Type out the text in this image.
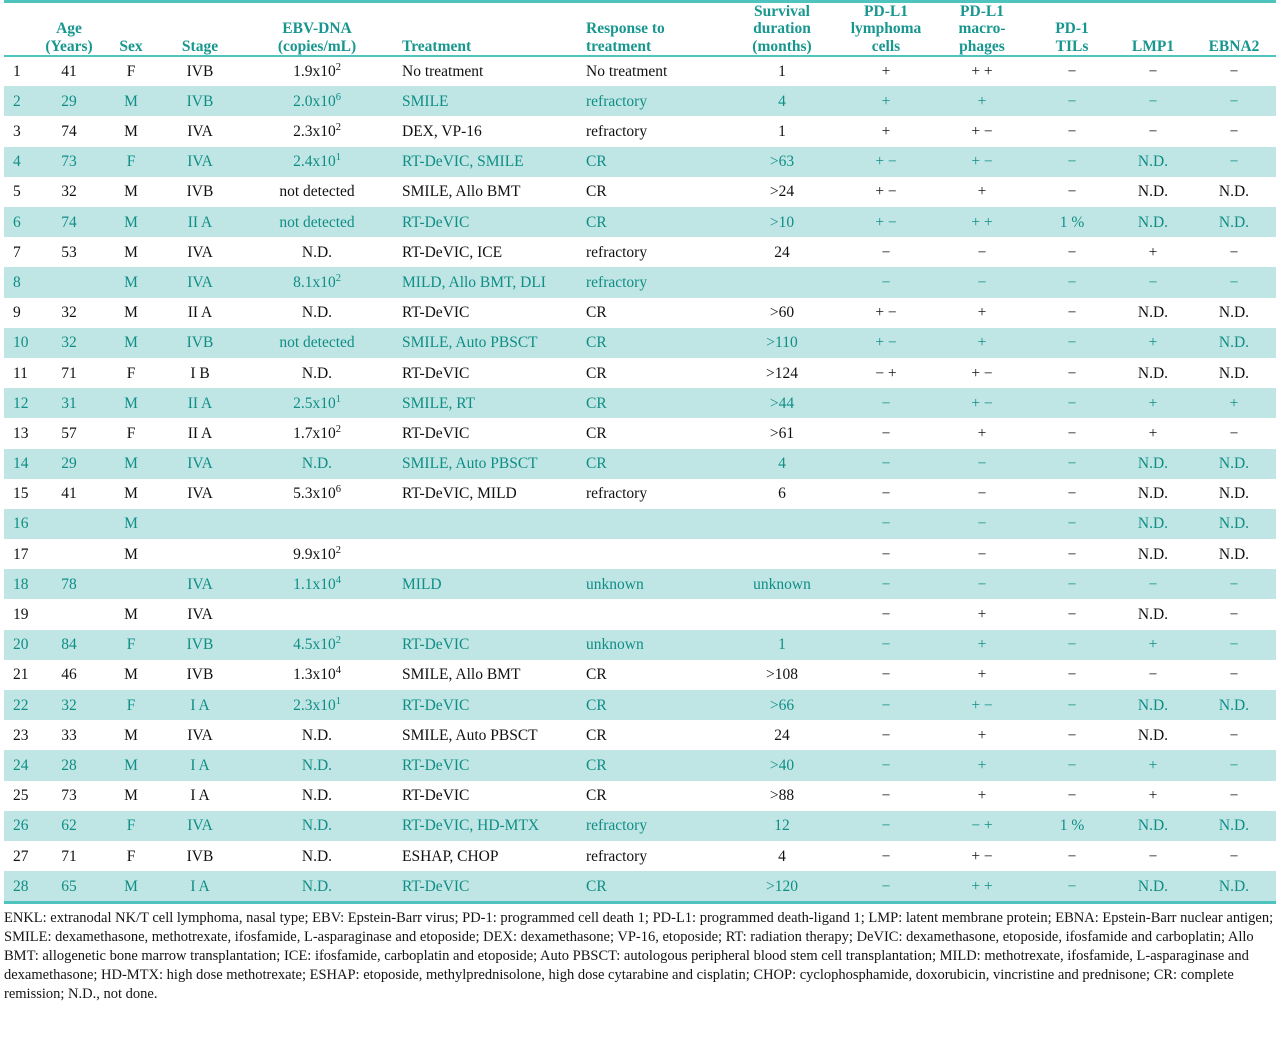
	Age
(Years)	Sex	Stage	EBV-DNA
(copies/mL)	Treatment	Response to
treatment	Survival
duration
(months)	PD-L1
lymphoma
cells	PD-L1
macro-
phages	PD-1
TILs	LMP1	EBNA2

1	41	F	IVB	$1.9x10^2$	No treatment	No treatment	1	+	+ +	−	−	−
2	29	M	IVB	$2.0x10^6$	SMILE	refractory	4	+	+	−	−	−
3	74	M	IVA	$2.3x10^2$	DEX, VP-16	refractory	1	+	+ −	−	−	−
4	73	F	IVA	$2.4x10^1$	RT-DeVIC, SMILE	CR	>63	+ −	+ −	−	N.D.	−
5	32	M	IVB	not detected	SMILE, Allo BMT	CR	>24	+ −	+	−	N.D.	N.D.
6	74	M	II A	not detected	RT-DeVIC	CR	>10	+ −	+ +	1 %	N.D.	N.D.
7	53	M	IVA	N.D.	RT-DeVIC, ICE	refractory	24	−	−	−	+	−
8		M	IVA	$8.1x10^2$	MILD, Allo BMT, DLI	refractory		−	−	−	−	−
9	32	M	II A	N.D.	RT-DeVIC	CR	>60	+ −	+	−	N.D.	N.D.
10	32	M	IVB	not detected	SMILE, Auto PBSCT	CR	>110	+ −	+	−	+	N.D.
11	71	F	I B	N.D.	RT-DeVIC	CR	>124	− +	+ −	−	N.D.	N.D.
12	31	M	II A	$2.5x10^1$	SMILE, RT	CR	>44	−	+ −	−	+	+
13	57	F	II A	$1.7x10^2$	RT-DeVIC	CR	>61	−	+	−	+	−
14	29	M	IVA	N.D.	SMILE, Auto PBSCT	CR	4	−	−	−	N.D.	N.D.
15	41	M	IVA	$5.3x10^6$	RT-DeVIC, MILD	refractory	6	−	−	−	N.D.	N.D.
16		M						−	−	−	N.D.	N.D.
17		M		$9.9x10^2$				−	−	−	N.D.	N.D.
18	78		IVA	$1.1x10^4$	MILD	unknown	unknown	−	−	−	−	−
19		M	IVA					−	+	−	N.D.	−
20	84	F	IVB	$4.5x10^2$	RT-DeVIC	unknown	1	−	+	−	+	−
21	46	M	IVB	$1.3x10^4$	SMILE, Allo BMT	CR	>108	−	+	−	−	−
22	32	F	I A	$2.3x10^1$	RT-DeVIC	CR	>66	−	+ −	−	N.D.	N.D.
23	33	M	IVA	N.D.	SMILE, Auto PBSCT	CR	24	−	+	−	N.D.	−
24	28	M	I A	N.D.	RT-DeVIC	CR	>40	−	+	−	+	−
25	73	M	I A	N.D.	RT-DeVIC	CR	>88	−	+	−	+	−
26	62	F	IVA	N.D.	RT-DeVIC, HD-MTX	refractory	12	−	− +	1 %	N.D.	N.D.
27	71	F	IVB	N.D.	ESHAP, CHOP	refractory	4	−	+ −	−	−	−
28	65	M	I A	N.D.	RT-DeVIC	CR	>120	−	+ +	−	N.D.	N.D.

ENKL: extranodal NK/T cell lymphoma, nasal type; EBV: Epstein-Barr virus; PD-1: programmed cell death 1; PD-L1: programmed death-ligand 1; LMP: latent membrane protein; EBNA: Epstein-Barr nuclear antigen; SMILE: dexamethasone, methotrexate, ifosfamide, L-asparaginase and etoposide; DEX: dexamethasone; VP-16, etoposide; RT: radiation therapy; DeVIC: dexamethasone, etoposide, ifosfamide and carboplatin; Allo BMT: allogenetic bone marrow transplantation; ICE: ifosfamide, carboplatin and etoposide; Auto PBSCT: autologous peripheral blood stem cell transplantation; MILD: methotrexate, ifosfamide, L-asparaginase and dexamethasone; HD-MTX: high dose methotrexate; ESHAP: etoposide, methylprednisolone, high dose cytarabine and cisplatin; CHOP: cyclophosphamide, doxorubicin, vincristine and prednisone; CR: complete remission; N.D., not done.
